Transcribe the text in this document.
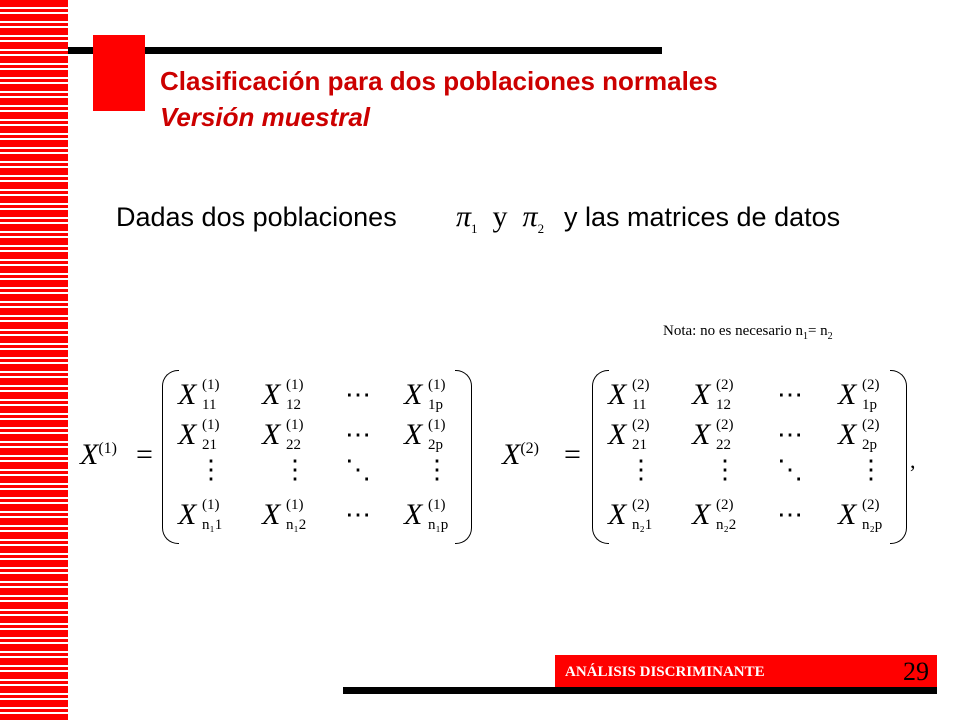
Clasificación para dos poblaciones normales
Versión muestral
Dadas dos poblaciones $\pi_1$ y $\pi_2$ y las matrices de datos
Nota: no es necesario $n_1= n_2$
$X^{(1)}$ =
X (1)
11 X (1)
12 ⋯ X (1)
1p
X (1)
21 X (1)
22 ⋯ X (1)
2p
⋮ ⋮ ⋱ ⋮
X (1)
n₁1 X (1)
n₁2 ⋯ X (1)
n₁p
$X^{(2)}$ =
X (2)
11 X (2)
12 ⋯ X (2)
1p
X (2)
21 X (2)
22 ⋯ X (2)
2p
⋮ ⋮ ⋱ ⋮
X (2)
n₂1 X (2)
n₂2 ⋯ X (2)
n₂p
,
ANÁLISIS DISCRIMINANTE	29
